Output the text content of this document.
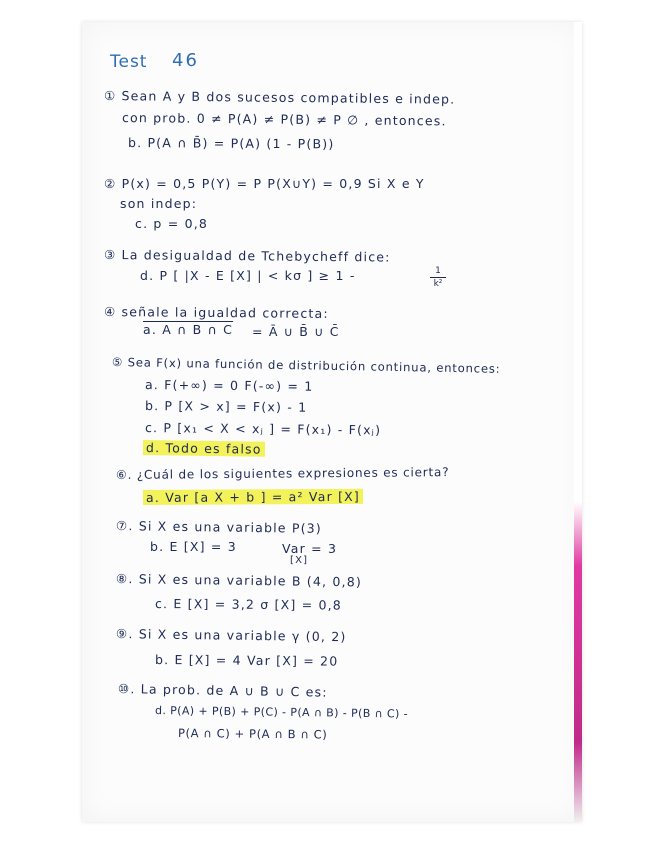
Test 46
① Sean A y B dos sucesos compatibles e indep.
con prob. 0 ≠ P(A) ≠ P(B) ≠ P ∅ , entonces.
b. P(A ∩ B̄) = P(A) (1 - P(B))
② P(x) = 0,5 P(Y) = P P(X∪Y) = 0,9 Si X e Y
son indep:
c. p = 0,8
③ La desigualdad de Tchebycheff dice:
d. P [ |X - E [X] | < kσ ] ≥ 1 -	1
k²
④ señale la igualdad correcta:
a. A ∩ B ∩ C = Ā ∪ B̄ ∪ C̄
⑤ Sea F(x) una función de distribución continua, entonces:
a. F(+∞) = 0 F(-∞) = 1
b. P [X > x] = F(x) - 1
c. P [x₁ < X < xⱼ ] = F(x₁) - F(xⱼ)
d. Todo es falso
⑥. ¿Cuál de los siguientes expresiones es cierta?
a. Var [a X + b ] = a² Var [X]
⑦. Si X es una variable P(3)
b. E [X] = 3	Var = 3
[X]
⑧. Si X es una variable B (4, 0,8)
c. E [X] = 3,2 σ [X] = 0,8
⑨. Si X es una variable γ (0, 2)
b. E [X] = 4 Var [X] = 20
⑩. La prob. de A ∪ B ∪ C es:
d. P(A) + P(B) + P(C) - P(A ∩ B) - P(B ∩ C) -
P(A ∩ C) + P(A ∩ B ∩ C)
